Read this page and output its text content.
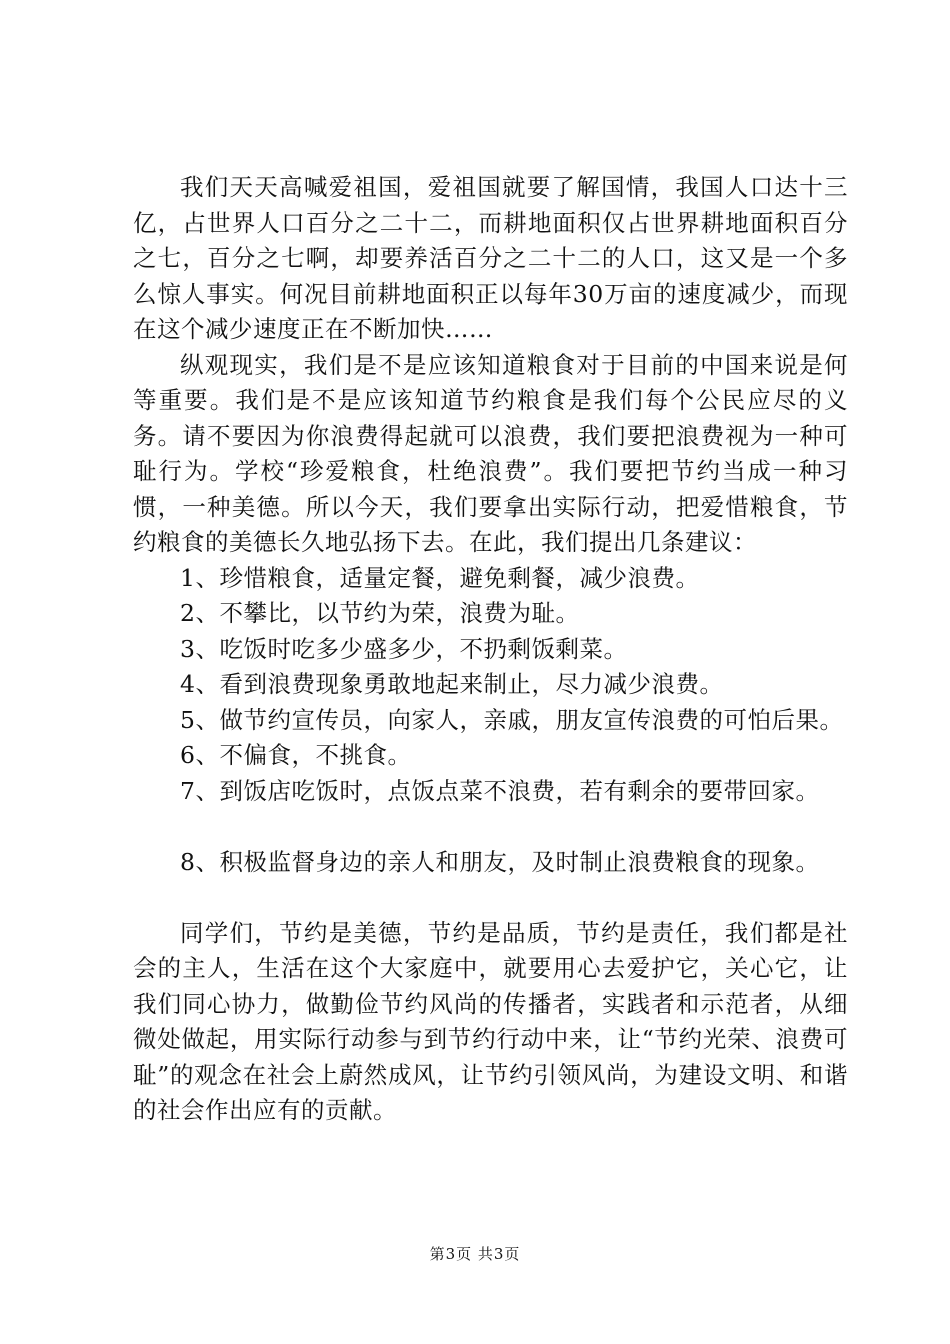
我们天天高喊爱祖国，爱祖国就要了解国情，我国人口达十三亿，占世界人口百分之二十二，而耕地面积仅占世界耕地面积百分之七，百分之七啊，却要养活百分之二十二的人口，这又是一个多么惊人事实。何况目前耕地面积正以每年30万亩的速度减少，而现在这个减少速度正在不断加快……

纵观现实，我们是不是应该知道粮食对于目前的中国来说是何等重要。我们是不是应该知道节约粮食是我们每个公民应尽的义务。请不要因为你浪费得起就可以浪费，我们要把浪费视为一种可耻行为。学校“珍爱粮食，杜绝浪费”。我们要把节约当成一种习惯，一种美德。所以今天，我们要拿出实际行动，把爱惜粮食，节约粮食的美德长久地弘扬下去。在此，我们提出几条建议：

1、珍惜粮食，适量定餐，避免剩餐，减少浪费。

2、不攀比，以节约为荣，浪费为耻。

3、吃饭时吃多少盛多少，不扔剩饭剩菜。

4、看到浪费现象勇敢地起来制止，尽力减少浪费。

5、做节约宣传员，向家人，亲戚，朋友宣传浪费的可怕后果。

6、不偏食，不挑食。

7、到饭店吃饭时，点饭点菜不浪费，若有剩余的要带回家。

8、积极监督身边的亲人和朋友，及时制止浪费粮食的现象。

同学们，节约是美德，节约是品质，节约是责任，我们都是社会的主人，生活在这个大家庭中，就要用心去爱护它，关心它，让我们同心协力，做勤俭节约风尚的传播者，实践者和示范者，从细微处做起，用实际行动参与到节约行动中来，让“节约光荣、浪费可耻”的观念在社会上蔚然成风，让节约引领风尚，为建设文明、和谐的社会作出应有的贡献。

第3页 共3页
